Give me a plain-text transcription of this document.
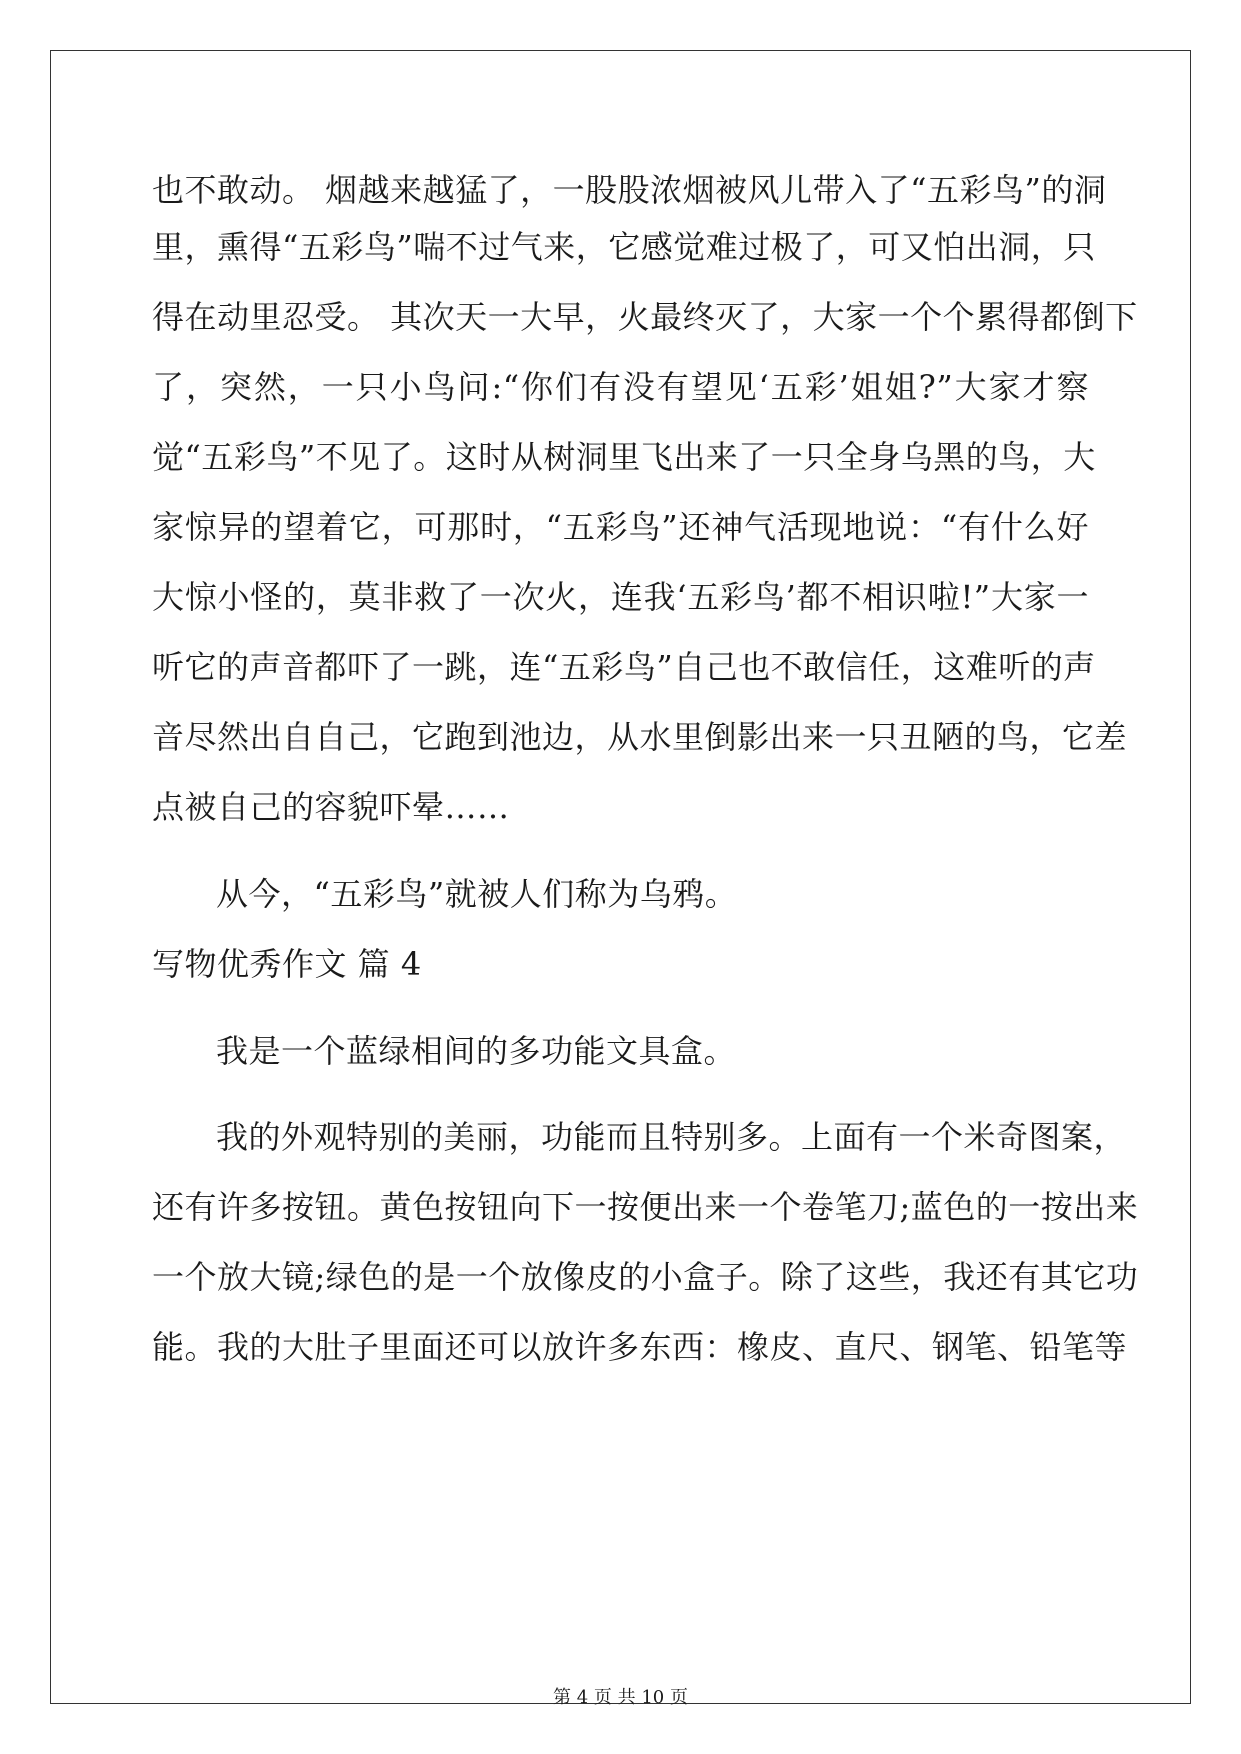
也不敢动。 烟越来越猛了，一股股浓烟被风儿带入了“五彩鸟”的洞
里，熏得“五彩鸟”喘不过气来，它感觉难过极了，可又怕出洞，只
得在动里忍受。 其次天一大早，火最终灭了，大家一个个累得都倒下
了，突然，一只小鸟问:“你们有没有望见‘五彩’姐姐?”大家才察
觉“五彩鸟”不见了。这时从树洞里飞出来了一只全身乌黑的鸟，大
家惊异的望着它，可那时，“五彩鸟”还神气活现地说：“有什么好
大惊小怪的，莫非救了一次火，连我‘五彩鸟’都不相识啦!”大家一
听它的声音都吓了一跳，连“五彩鸟”自己也不敢信任，这难听的声
音尽然出自自己，它跑到池边，从水里倒影出来一只丑陋的鸟，它差
点被自己的容貌吓晕……
从今，“五彩鸟”就被人们称为乌鸦。
写物优秀作文 篇 4
我是一个蓝绿相间的多功能文具盒。
我的外观特别的美丽，功能而且特别多。上面有一个米奇图案，
还有许多按钮。黄色按钮向下一按便出来一个卷笔刀;蓝色的一按出来
一个放大镜;绿色的是一个放像皮的小盒子。除了这些，我还有其它功
能。我的大肚子里面还可以放许多东西：橡皮、直尺、钢笔、铅笔等
第 4 页 共 10 页
